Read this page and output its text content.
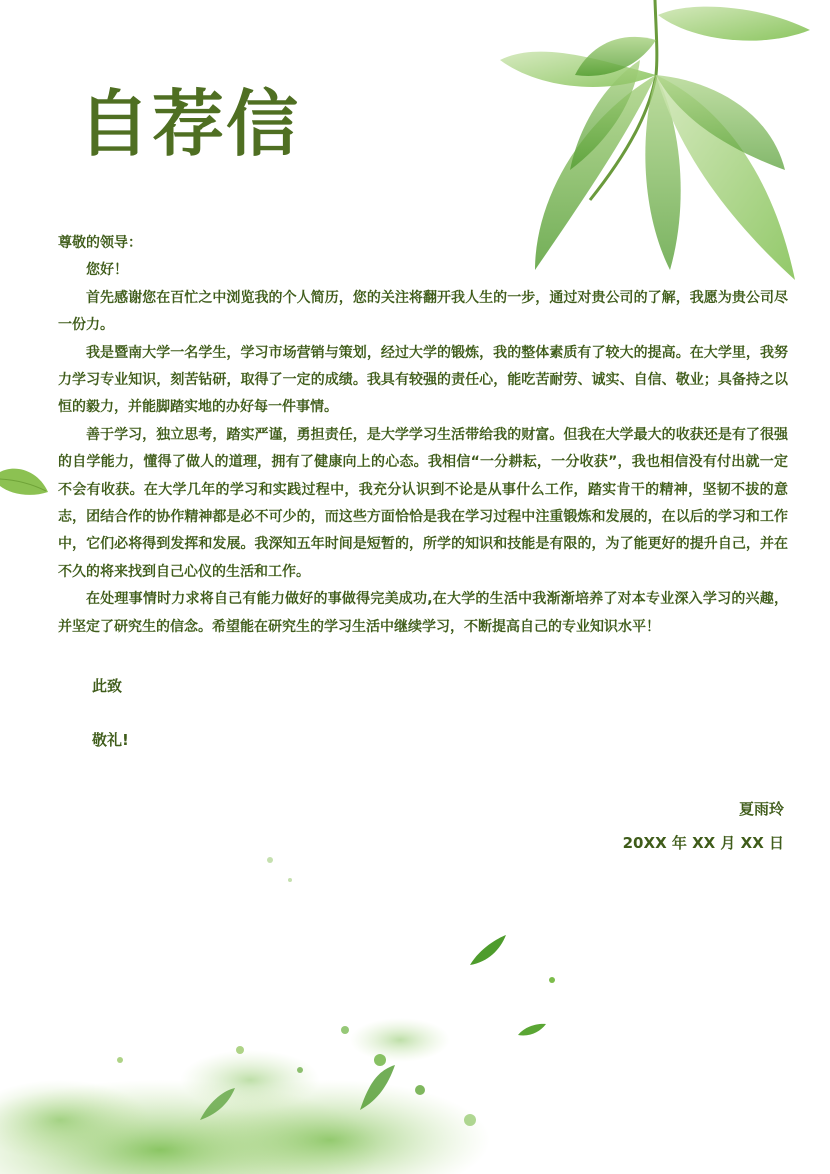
自荐信

尊敬的领导：

您好！

首先感谢您在百忙之中浏览我的个人简历，您的关注将翻开我人生的一步，通过对贵公司的了解，我愿为贵公司尽一份力。

我是暨南大学一名学生，学习市场营销与策划，经过大学的锻炼，我的整体素质有了较大的提高。在大学里，我努力学习专业知识，刻苦钻研，取得了一定的成绩。我具有较强的责任心，能吃苦耐劳、诚实、自信、敬业；具备持之以恒的毅力，并能脚踏实地的办好每一件事情。

善于学习，独立思考，踏实严谨，勇担责任，是大学学习生活带给我的财富。但我在大学最大的收获还是有了很强的自学能力，懂得了做人的道理，拥有了健康向上的心态。我相信“一分耕耘，一分收获”，我也相信没有付出就一定不会有收获。在大学几年的学习和实践过程中，我充分认识到不论是从事什么工作，踏实肯干的精神，坚韧不拔的意志，团结合作的协作精神都是必不可少的，而这些方面恰恰是我在学习过程中注重锻炼和发展的，在以后的学习和工作中，它们必将得到发挥和发展。我深知五年时间是短暂的，所学的知识和技能是有限的，为了能更好的提升自己，并在不久的将来找到自己心仪的生活和工作。

在处理事情时力求将自己有能力做好的事做得完美成功,在大学的生活中我渐渐培养了对本专业深入学习的兴趣，并坚定了研究生的信念。希望能在研究生的学习生活中继续学习，不断提高自己的专业知识水平！

此致

敬礼!

夏雨玲
20XX 年 XX 月 XX 日
